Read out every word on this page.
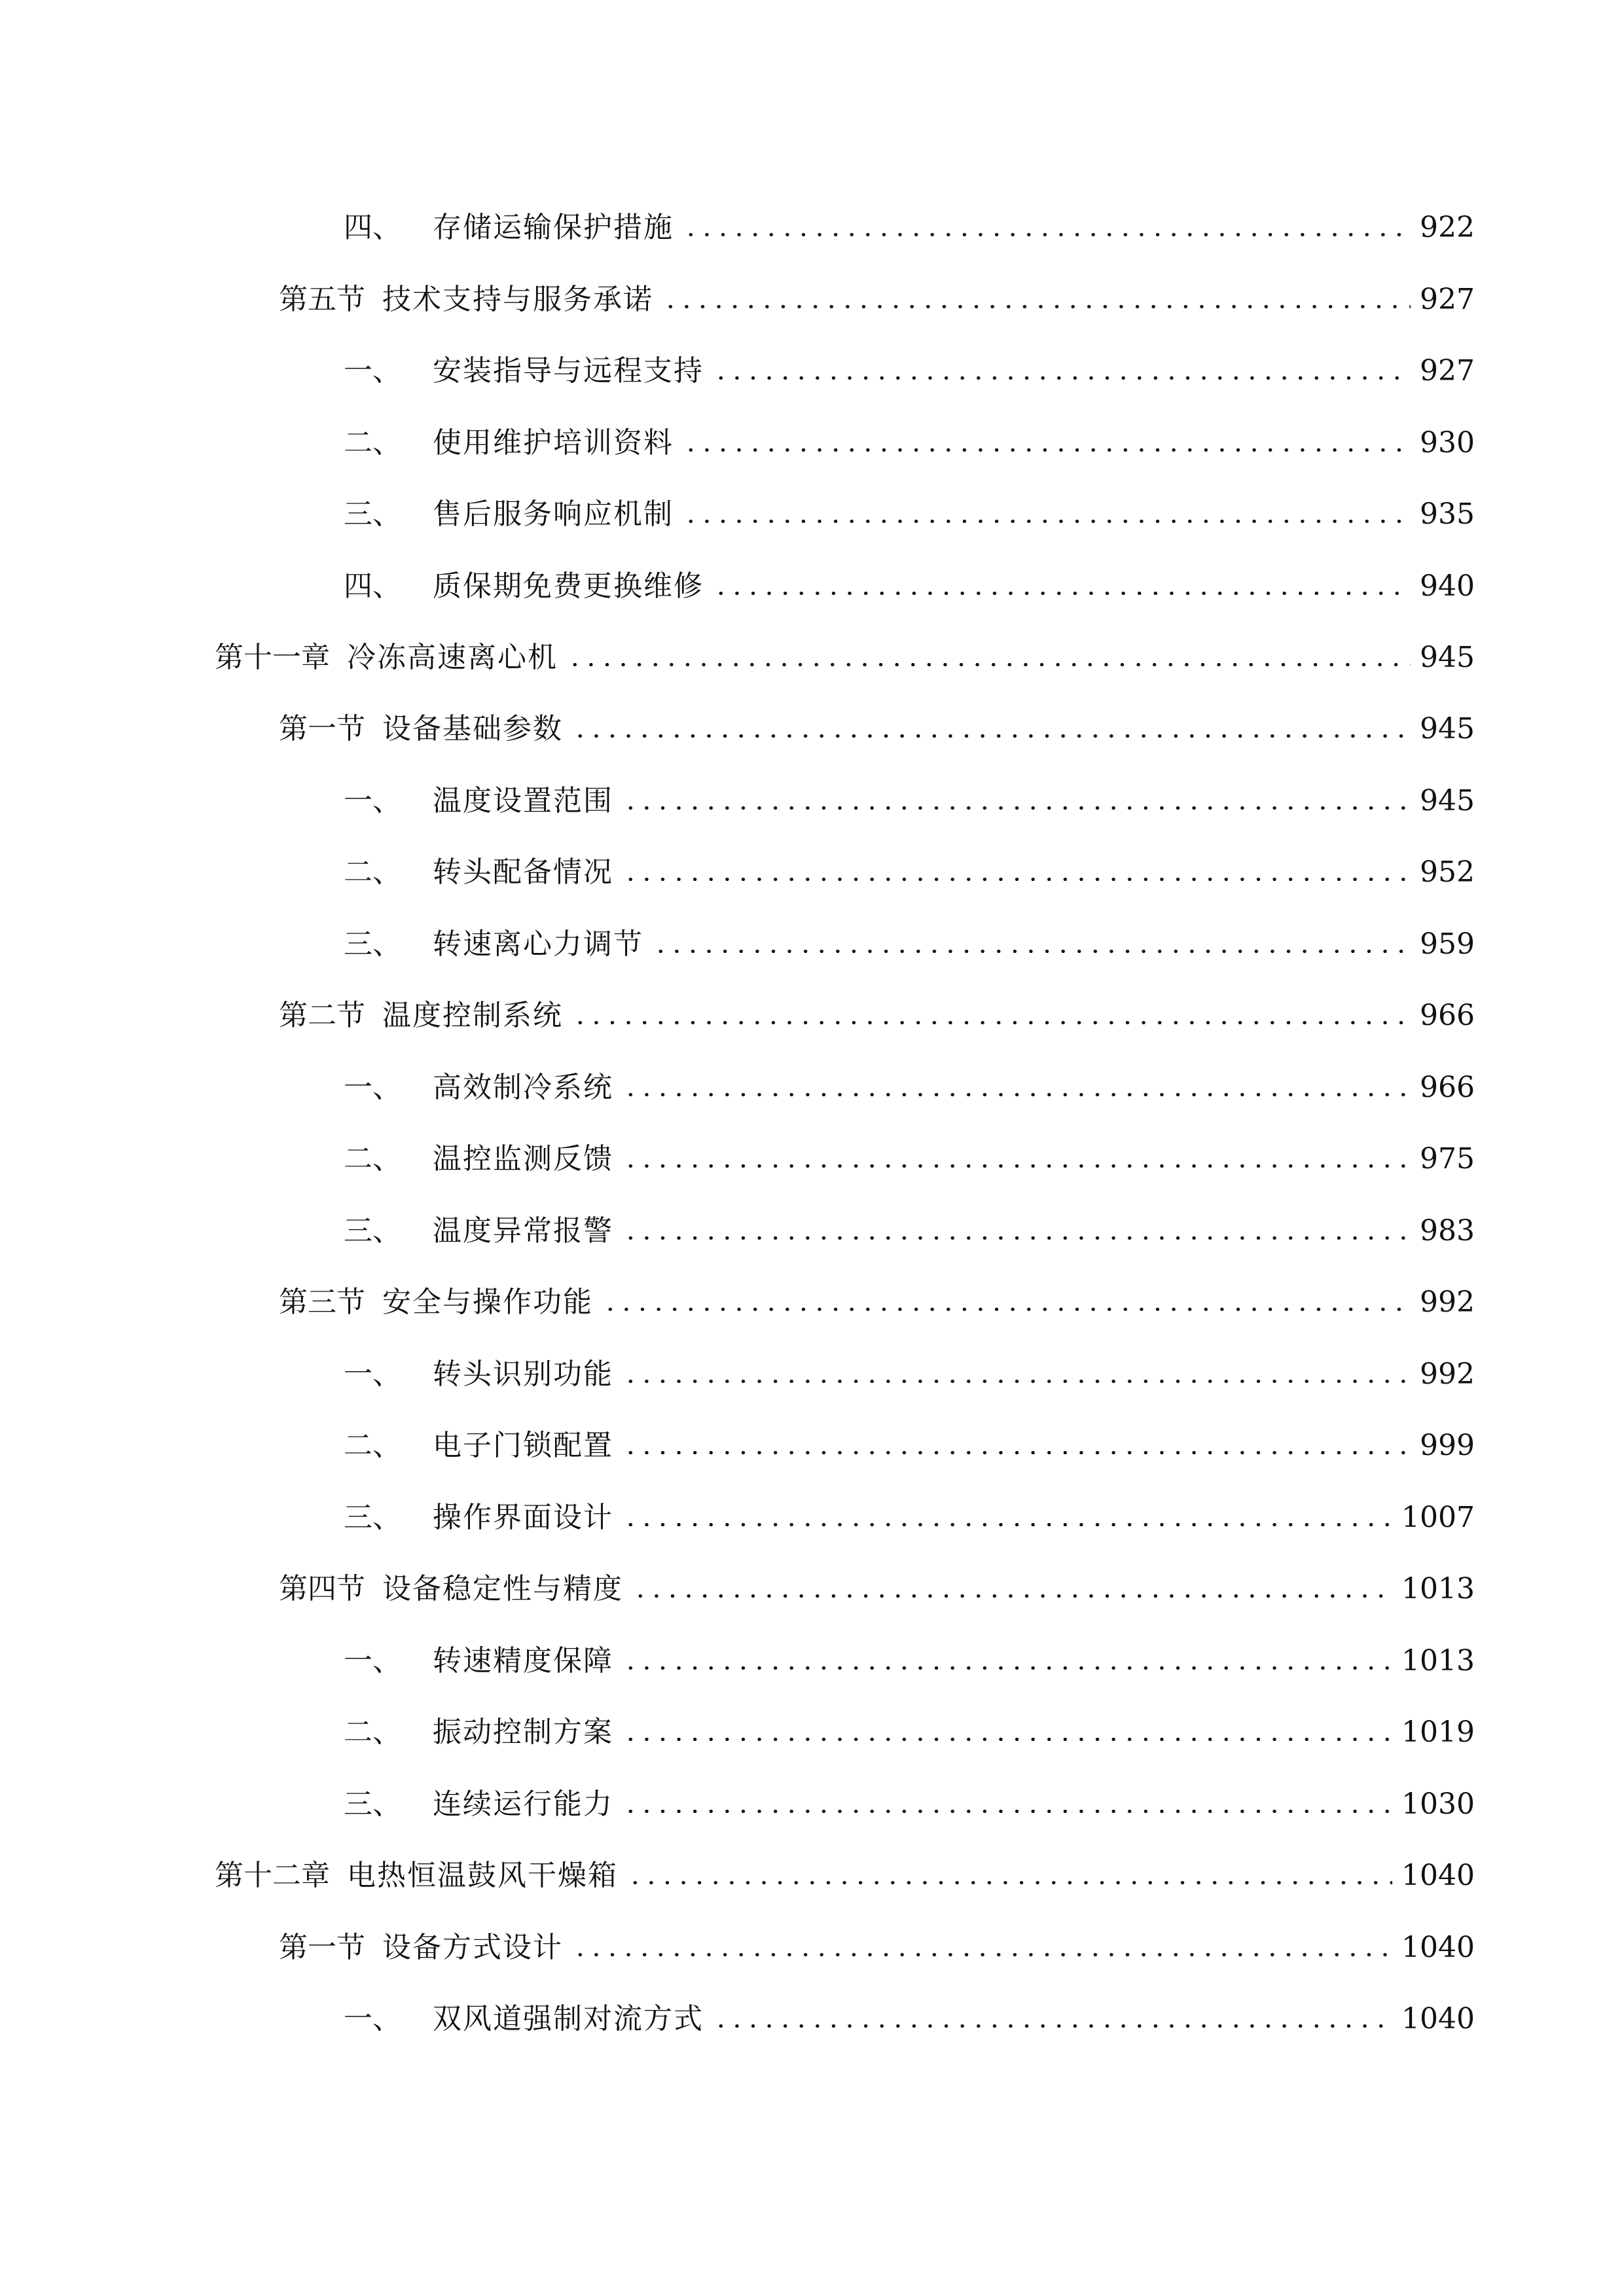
四、 存储运输保护措施	922
第五节 技术支持与服务承诺	927
一、 安装指导与远程支持	927
二、 使用维护培训资料	930
三、 售后服务响应机制	935
四、 质保期免费更换维修	940
第十一章 冷冻高速离心机	945
第一节 设备基础参数	945
一、 温度设置范围	945
二、 转头配备情况	952
三、 转速离心力调节	959
第二节 温度控制系统	966
一、 高效制冷系统	966
二、 温控监测反馈	975
三、 温度异常报警	983
第三节 安全与操作功能	992
一、 转头识别功能	992
二、 电子门锁配置	999
三、 操作界面设计	1007
第四节 设备稳定性与精度	1013
一、 转速精度保障	1013
二、 振动控制方案	1019
三、 连续运行能力	1030
第十二章 电热恒温鼓风干燥箱	1040
第一节 设备方式设计	1040
一、 双风道强制对流方式	1040
